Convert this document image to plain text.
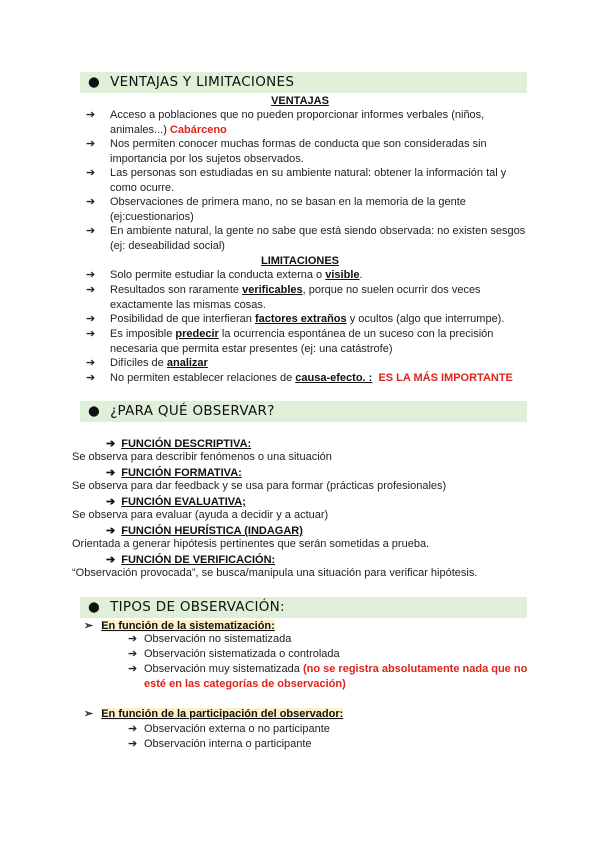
● VENTAJAS Y LIMITACIONES
VENTAJAS
➔	Acceso a poblaciones que no pueden proporcionar informes verbales (niños, animales...) Cabárceno
➔	Nos permiten conocer muchas formas de conducta que son consideradas sin importancia por los sujetos observados.
➔	Las personas son estudiadas en su ambiente natural: obtener la información tal y como ocurre.
➔	Observaciones de primera mano, no se basan en la memoria de la gente (ej:cuestionarios)
➔	En ambiente natural, la gente no sabe que está siendo observada: no existen sesgos (ej: deseabilidad social)
LIMITACIONES
➔	Solo permite estudiar la conducta externa o visible.
➔	Resultados son raramente verificables, porque no suelen ocurrir dos veces exactamente las mismas cosas.
➔	Posibilidad de que interfieran factores extraños y ocultos (algo que interrumpe).
➔	Es imposible predecir la ocurrencia espontánea de un suceso con la precisión necesaria que permita estar presentes (ej: una catástrofe)
➔	Difíciles de analizar
➔	No permiten establecer relaciones de causa-efecto. : ES LA MÁS IMPORTANTE
● ¿PARA QUÉ OBSERVAR?
➔ FUNCIÓN DESCRIPTIVA:
Se observa para describir fenómenos o una situación
➔ FUNCIÓN FORMATIVA:
Se observa para dar feedback y se usa para formar (prácticas profesionales)
➔ FUNCIÓN EVALUATIVA;
Se observa para evaluar (ayuda a decidir y a actuar)
➔ FUNCIÓN HEURÍSTICA (INDAGAR)
Orientada a generar hipótesis pertinentes que serán sometidas a prueba.
➔ FUNCIÓN DE VERIFICACIÓN:
“Observación provocada”, se busca/manipula una situación para verificar hipótesis.
● TIPOS DE OBSERVACIÓN:
➢ En función de la sistematización:
➔ Observación no sistematizada
➔ Observación sistematizada o controlada
➔ Observación muy sistematizada (no se registra absolutamente nada que no esté en las categorías de observación)
➢ En función de la participación del observador:
➔ Observación externa o no participante
➔ Observación interna o participante
